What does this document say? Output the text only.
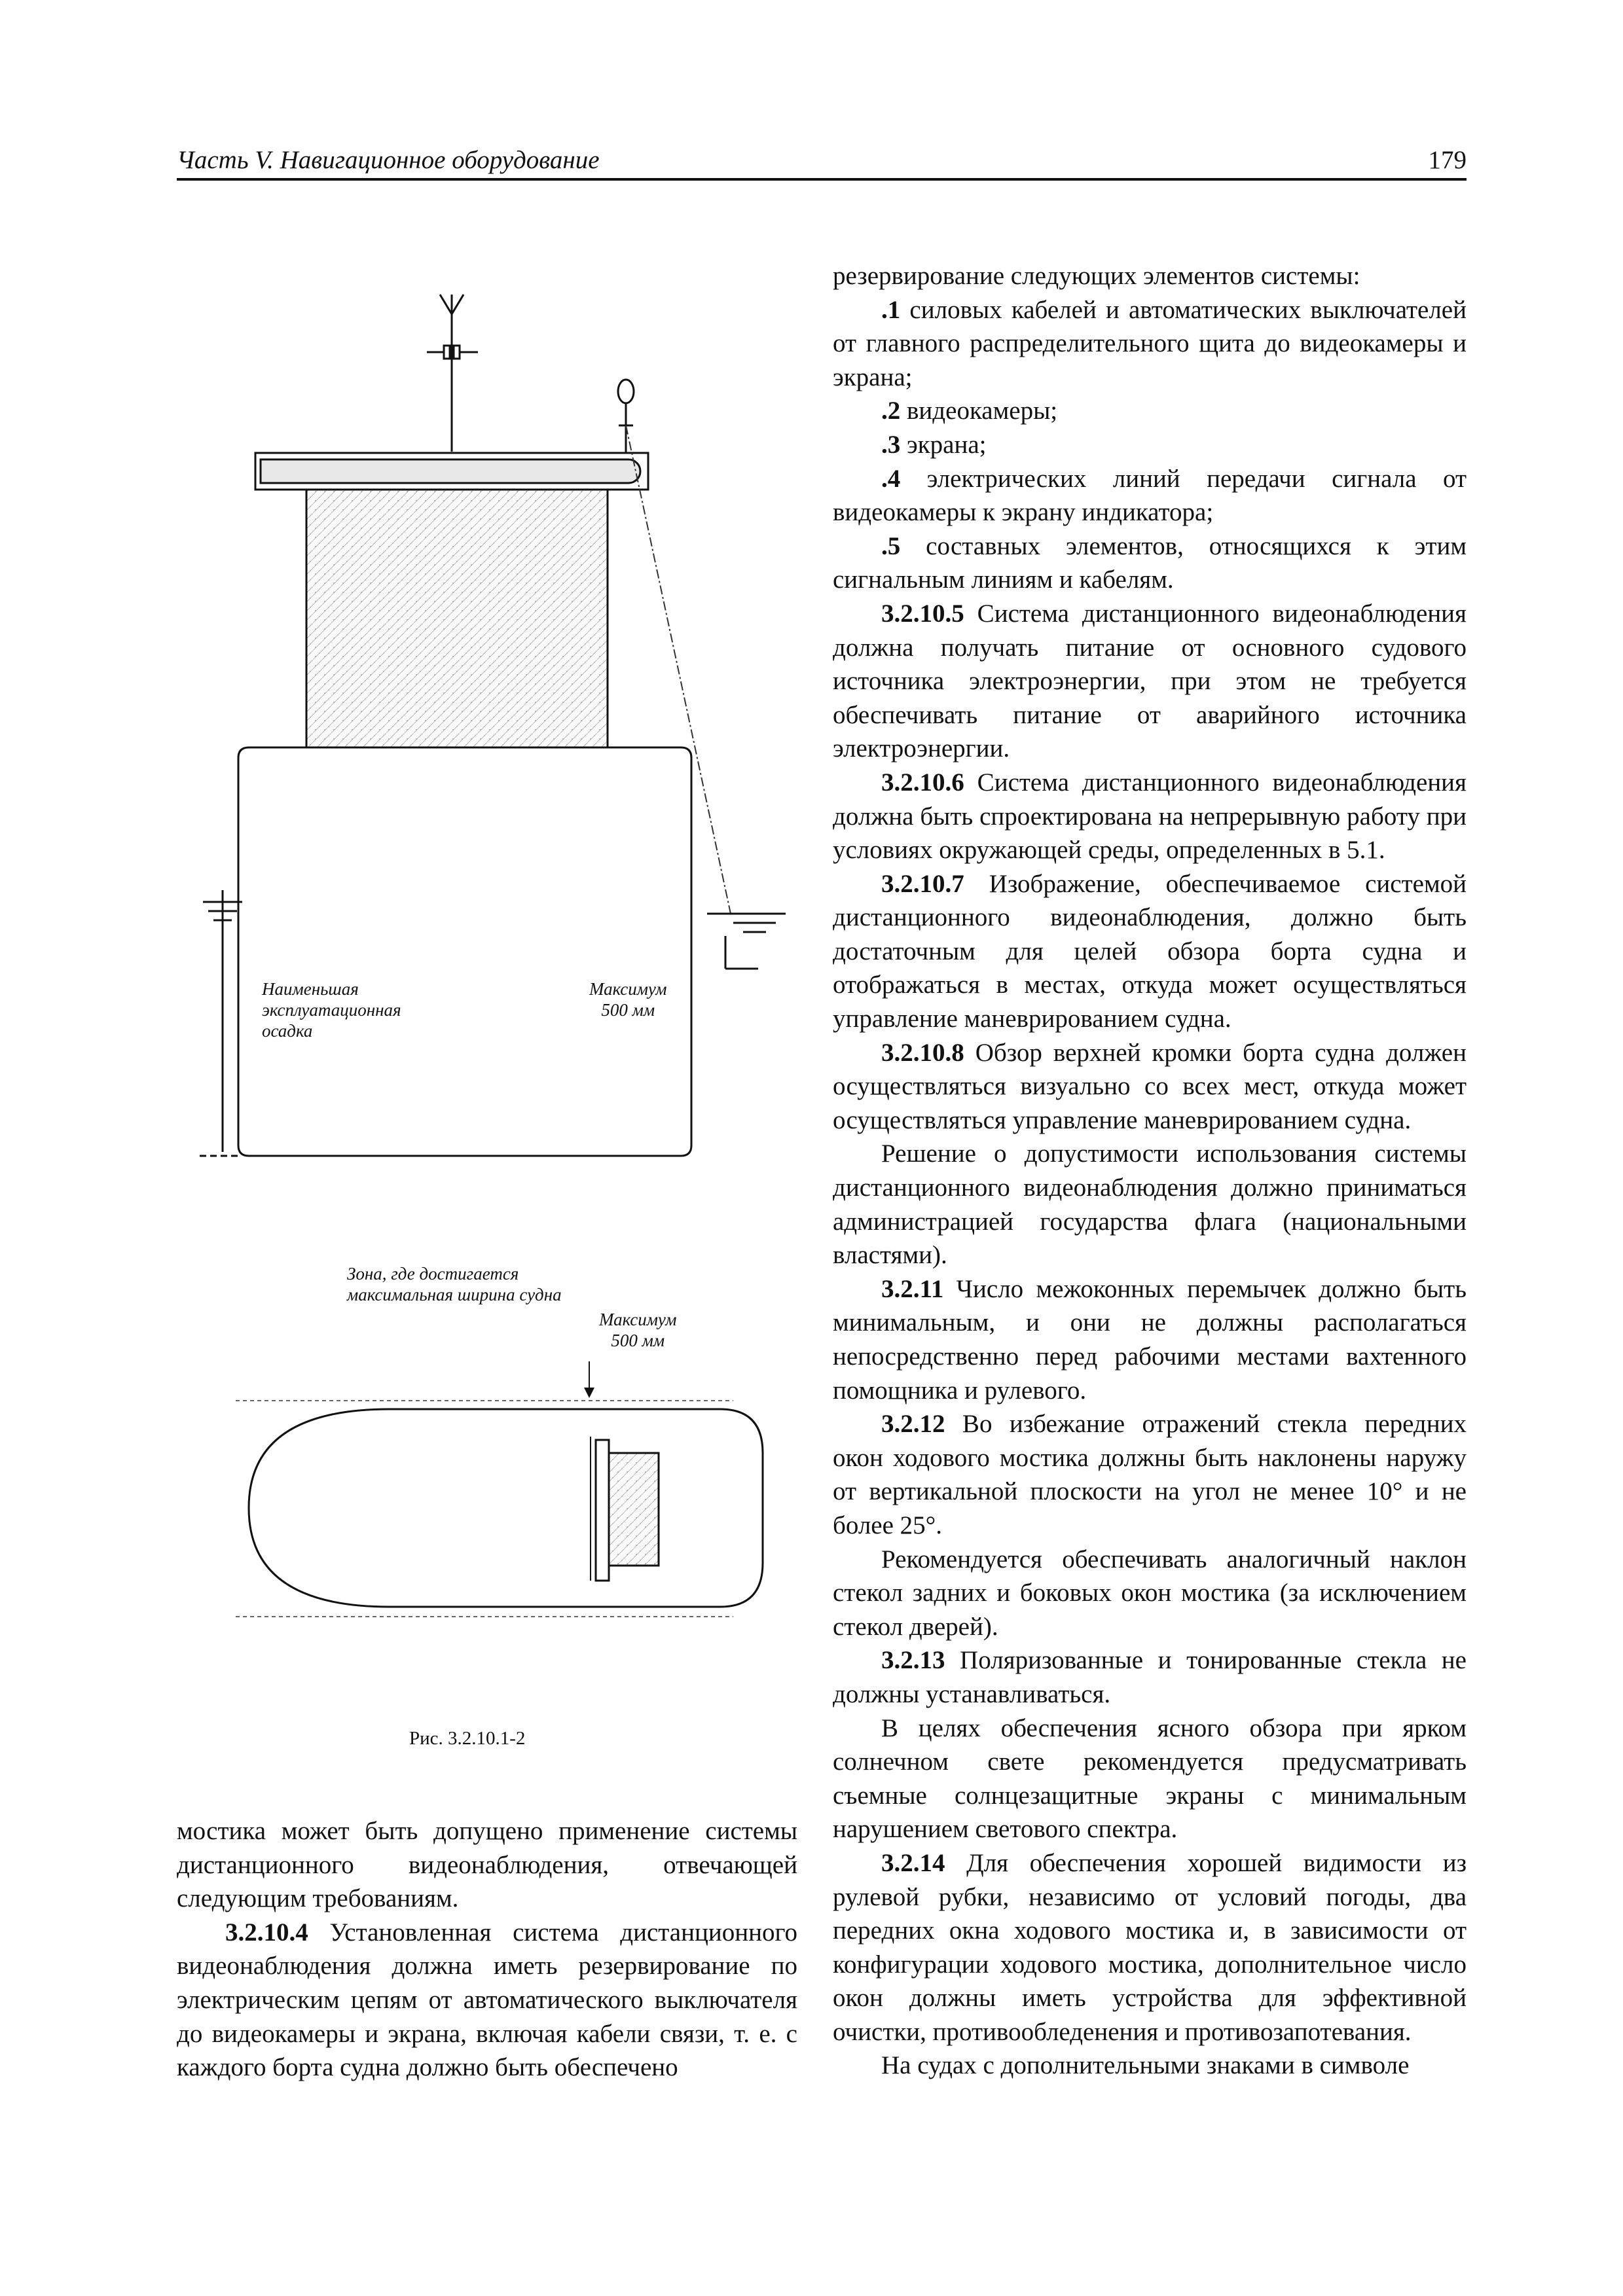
Часть V. Навигационное оборудование	179
Наименьшая
эксплуатационная
осадка
Максимум
500 мм
Зона, где достигается
максимальная ширина судна
Максимум
500 мм
Рис. 3.2.10.1-2

мостика может быть допущено применение системы дистанционного видеонаблюдения, отвечающей следующим требованиям.

3.2.10.4 Установленная система дистанционного видеонаблюдения должна иметь резервирование по электрическим цепям от автоматического выключателя до видеокамеры и экрана, включая кабели связи, т. е. с каждого борта судна должно быть обеспечено

резервирование следующих элементов системы:

.1 силовых кабелей и автоматических выключателей от главного распределительного щита до видеокамеры и экрана;

.2 видеокамеры;

.3 экрана;

.4 электрических линий передачи сигнала от видеокамеры к экрану индикатора;

.5 составных элементов, относящихся к этим сигнальным линиям и кабелям.

3.2.10.5 Система дистанционного видеонаблюдения должна получать питание от основного судового источника электроэнергии, при этом не требуется обеспечивать питание от аварийного источника электроэнергии.

3.2.10.6 Система дистанционного видеонаблюдения должна быть спроектирована на непрерывную работу при условиях окружающей среды, определенных в 5.1.

3.2.10.7 Изображение, обеспечиваемое системой дистанционного видеонаблюдения, должно быть достаточным для целей обзора борта судна и отображаться в местах, откуда может осуществляться управление маневрированием судна.

3.2.10.8 Обзор верхней кромки борта судна должен осуществляться визуально со всех мест, откуда может осуществляться управление маневрированием судна.

Решение о допустимости использования системы дистанционного видеонаблюдения должно приниматься администрацией государства флага (национальными властями).

3.2.11 Число межоконных перемычек должно быть минимальным, и они не должны располагаться непосредственно перед рабочими местами вахтенного помощника и рулевого.

3.2.12 Во избежание отражений стекла передних окон ходового мостика должны быть наклонены наружу от вертикальной плоскости на угол не менее 10° и не более 25°.

Рекомендуется обеспечивать аналогичный наклон стекол задних и боковых окон мостика (за исключением стекол дверей).

3.2.13 Поляризованные и тонированные стекла не должны устанавливаться.

В целях обеспечения ясного обзора при ярком солнечном свете рекомендуется предусматривать съемные солнцезащитные экраны с минимальным нарушением светового спектра.

3.2.14 Для обеспечения хорошей видимости из рулевой рубки, независимо от условий погоды, два передних окна ходового мостика и, в зависимости от конфигурации ходового мостика, дополнительное число окон должны иметь устройства для эффективной очистки, противообледенения и противозапотевания.

На судах с дополнительными знаками в символе
